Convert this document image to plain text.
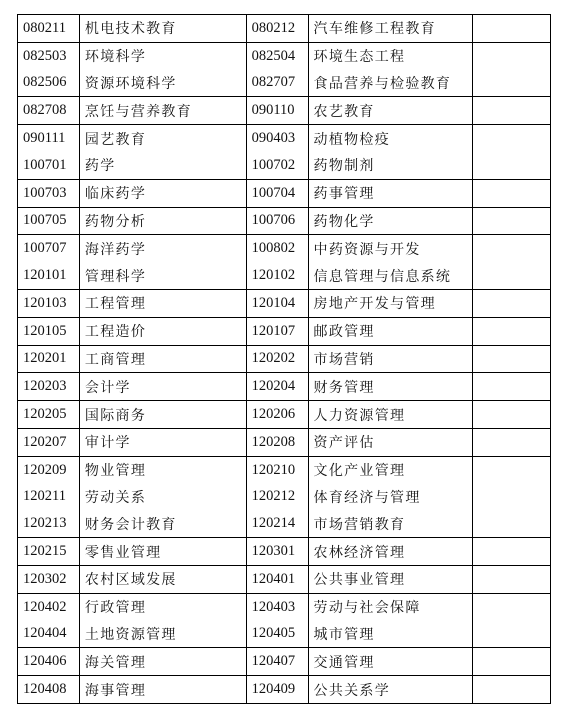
080211	机电技术教育	080212	汽车维修工程教育	
082503	环境科学	082504	环境生态工程	
082506	资源环境科学	082707	食品营养与检验教育	
082708	烹饪与营养教育	090110	农艺教育	
090111	园艺教育	090403	动植物检疫	
100701	药学	100702	药物制剂	
100703	临床药学	100704	药事管理	
100705	药物分析	100706	药物化学	
100707	海洋药学	100802	中药资源与开发	
120101	管理科学	120102	信息管理与信息系统	
120103	工程管理	120104	房地产开发与管理	
120105	工程造价	120107	邮政管理	
120201	工商管理	120202	市场营销	
120203	会计学	120204	财务管理	
120205	国际商务	120206	人力资源管理	
120207	审计学	120208	资产评估	
120209	物业管理	120210	文化产业管理	
120211	劳动关系	120212	体育经济与管理	
120213	财务会计教育	120214	市场营销教育	
120215	零售业管理	120301	农林经济管理	
120302	农村区域发展	120401	公共事业管理	
120402	行政管理	120403	劳动与社会保障	
120404	土地资源管理	120405	城市管理	
120406	海关管理	120407	交通管理	
120408	海事管理	120409	公共关系学	
